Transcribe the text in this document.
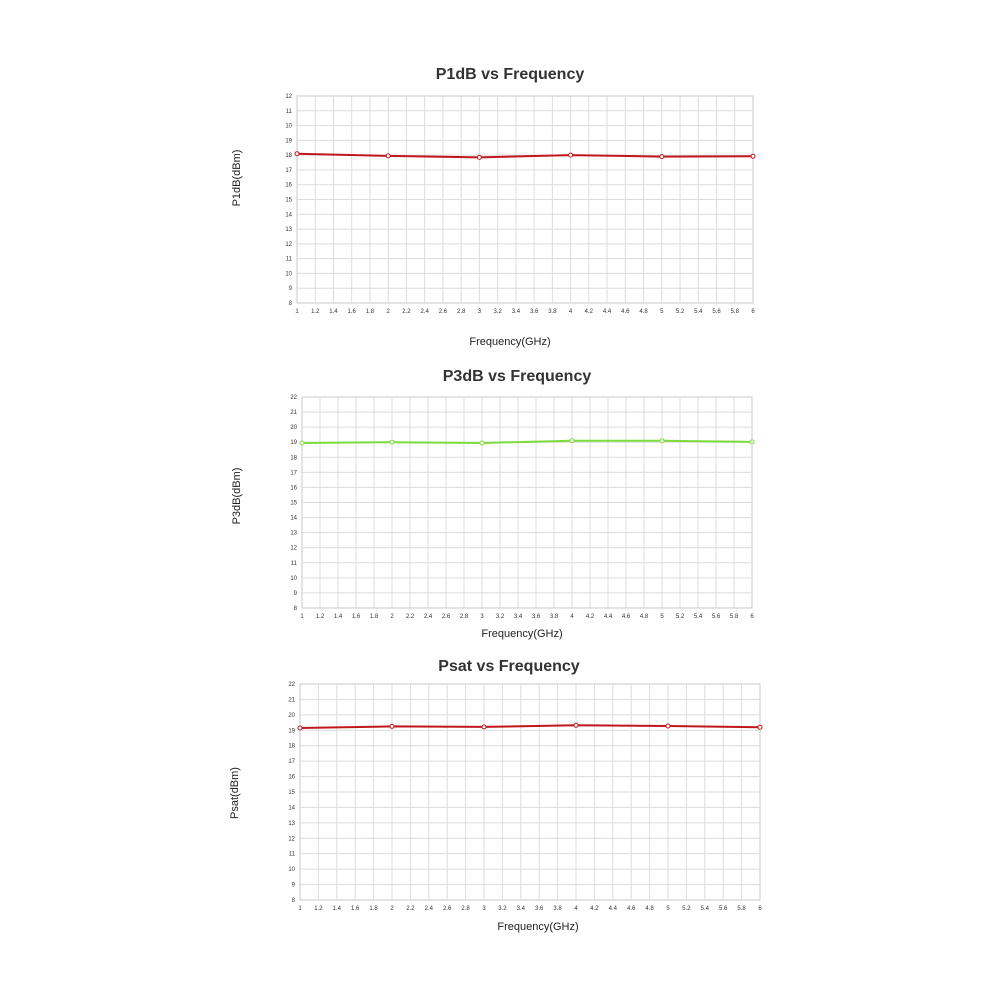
P1dB vs Frequency
8
9
10
11
12
13
14
15
16
17
18
19
10
11
12
1 1.2 1.4 1.6 1.8 2 2.2 2.4 2.6 2.8 3 3.2 3.4 3.6 3.8 4 4.2 4.4 4.6 4.8 5 5.2 5.4 5.6 5.8 6
P1dB(dBm)
Frequency(GHz)
P3dB vs Frequency
8
9
10
11
12
13
14
15
16
17
18
19
20
21
22
1 1.2 1.4 1.6 1.8 2 2.2 2.4 2.6 2.8 3 3.2 3.4 3.6 3.8 4 4.2 4.4 4.6 4.8 5 5.2 5.4 5.6 5.8 6
P3dB(dBm)
Frequency(GHz)
Psat vs Frequency
8
9
10
11
12
13
14
15
16
17
18
19
20
21
22
1 1.2 1.4 1.6 1.8 2 2.2 2.4 2.6 2.8 3 3.2 3.4 3.6 3.8 4 4.2 4.4 4.6 4.8 5 5.2 5.4 5.6 5.8 6
Psat(dBm)
Frequency(GHz)
